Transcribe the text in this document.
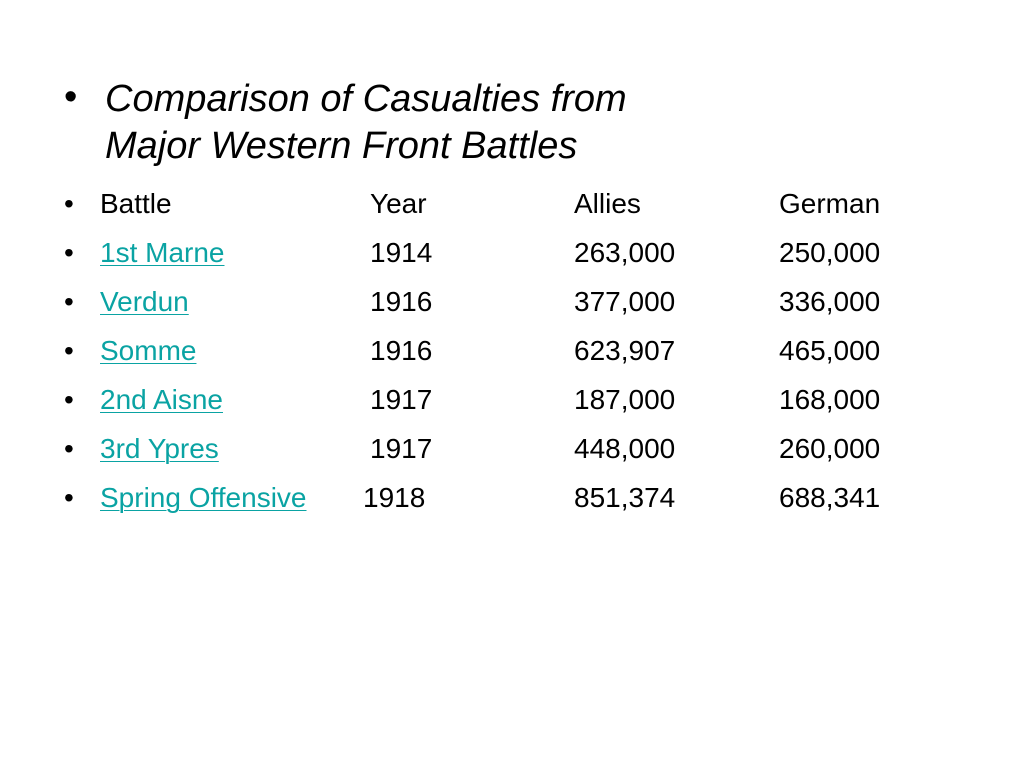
• Comparison of Casualties from
Major Western Front Battles
• Battle	Year	Allies	German
• 1st Marne	1914	263,000	250,000
• Verdun	1916	377,000	336,000
• Somme	1916	623,907	465,000
• 2nd Aisne	1917	187,000	168,000
• 3rd Ypres	1917	448,000	260,000
• Spring Offensive 1918	851,374	688,341
